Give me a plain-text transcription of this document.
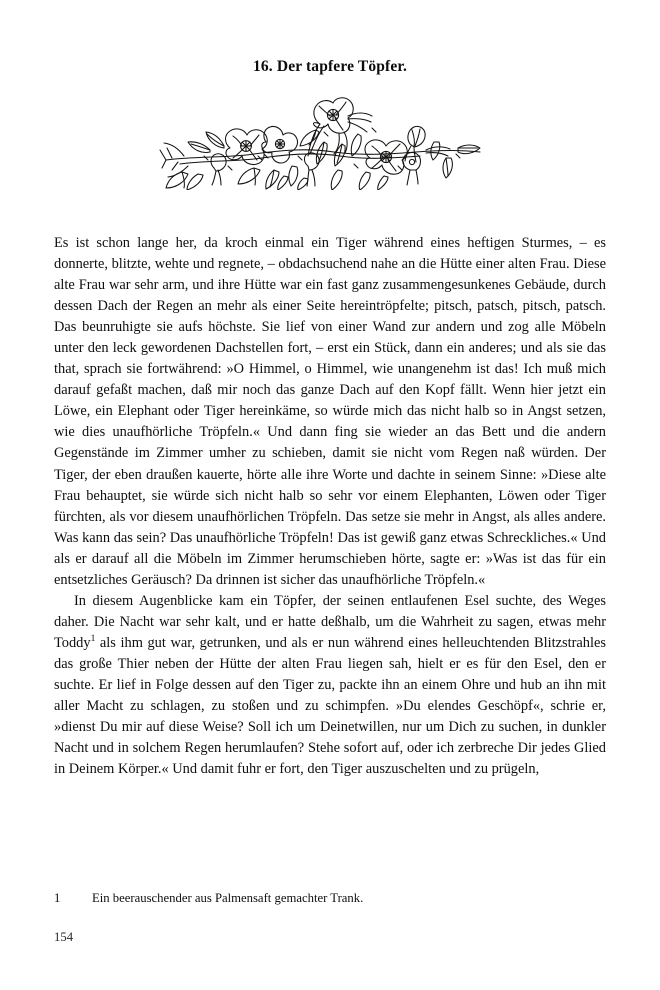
16. Der tapfere Töpfer.

Es ist schon lange her, da kroch einmal ein Tiger während eines heftigen Sturmes, – es donnerte, blitzte, wehte und regnete, – obdachsuchend nahe an die Hütte einer alten Frau. Diese alte Frau war sehr arm, und ihre Hütte war ein fast ganz zusammengesunkenes Gebäude, durch dessen Dach der Regen an mehr als einer Seite hereintröpfelte; pitsch, patsch, pitsch, patsch. Das beunruhigte sie aufs höchste. Sie lief von einer Wand zur andern und zog alle Möbeln unter den leck gewordenen Dachstellen fort, – erst ein Stück, dann ein anderes; und als sie das that, sprach sie fortwährend: »O Himmel, o Himmel, wie unangenehm ist das! Ich muß mich darauf gefaßt machen, daß mir noch das ganze Dach auf den Kopf fällt. Wenn hier jetzt ein Löwe, ein Elephant oder Tiger hereinkäme, so würde mich das nicht halb so in Angst setzen, wie dies unaufhörliche Tröpfeln.« Und dann fing sie wieder an das Bett und die andern Gegenstände im Zimmer umher zu schieben, damit sie nicht vom Regen naß würden. Der Tiger, der eben draußen kauerte, hörte alle ihre Worte und dachte in seinem Sinne: »Diese alte Frau behauptet, sie würde sich nicht halb so sehr vor einem Elephanten, Löwen oder Tiger fürchten, als vor diesem unaufhörlichen Tröpfeln. Das setze sie mehr in Angst, als alles andere. Was kann das sein? Das unaufhörliche Tröpfeln! Das ist gewiß ganz etwas Schreckliches.« Und als er darauf all die Möbeln im Zimmer herumschieben hörte, sagte er: »Was ist das für ein entsetzliches Geräusch? Da drinnen ist sicher das unaufhörliche Tröpfeln.«

In diesem Augenblicke kam ein Töpfer, der seinen entlaufenen Esel suchte, des Weges daher. Die Nacht war sehr kalt, und er hatte deßhalb, um die Wahrheit zu sagen, etwas mehr Toddy$^1$ als ihm gut war, getrunken, und als er nun während eines helleuchtenden Blitzstrahles das große Thier neben der Hütte der alten Frau liegen sah, hielt er es für den Esel, den er suchte. Er lief in Folge dessen auf den Tiger zu, packte ihn an einem Ohre und hub an ihn mit aller Macht zu schlagen, zu stoßen und zu schimpfen. »Du elendes Geschöpf«, schrie er, »dienst Du mir auf diese Weise? Soll ich um Deinetwillen, nur um Dich zu suchen, in dunkler Nacht und in solchem Regen herumlaufen? Stehe sofort auf, oder ich zerbreche Dir jedes Glied in Deinem Körper.« Und damit fuhr er fort, den Tiger auszuschelten und zu prügeln,

1	Ein beerauschender aus Palmensaft gemachter Trank.
154
